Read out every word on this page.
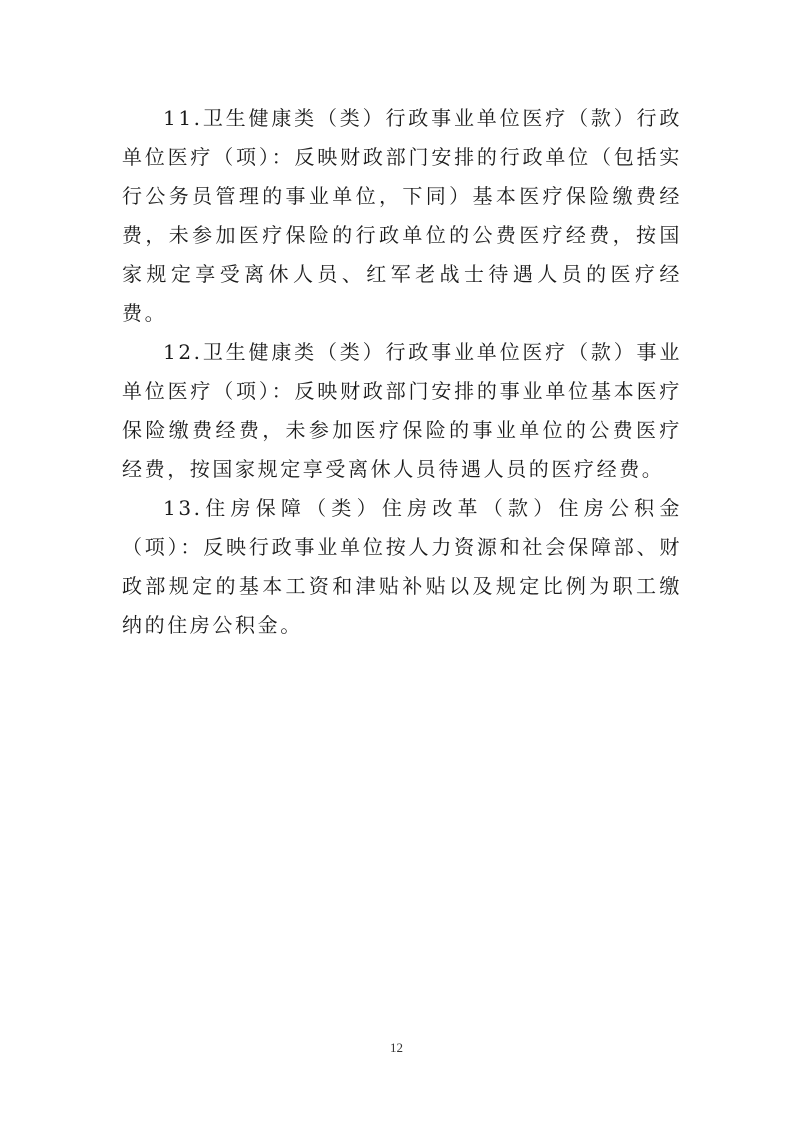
11.卫生健康类（类）行政事业单位医疗（款）行政单位医疗（项）：反映财政部门安排的行政单位（包括实行公务员管理的事业单位，下同）基本医疗保险缴费经费，未参加医疗保险的行政单位的公费医疗经费，按国家规定享受离休人员、红军老战士待遇人员的医疗经费。

12.卫生健康类（类）行政事业单位医疗（款）事业单位医疗（项）：反映财政部门安排的事业单位基本医疗保险缴费经费，未参加医疗保险的事业单位的公费医疗经费，按国家规定享受离休人员待遇人员的医疗经费。

13.住房保障（类）住房改革（款）住房公积金（项）：反映行政事业单位按人力资源和社会保障部、财政部规定的基本工资和津贴补贴以及规定比例为职工缴纳的住房公积金。

12
